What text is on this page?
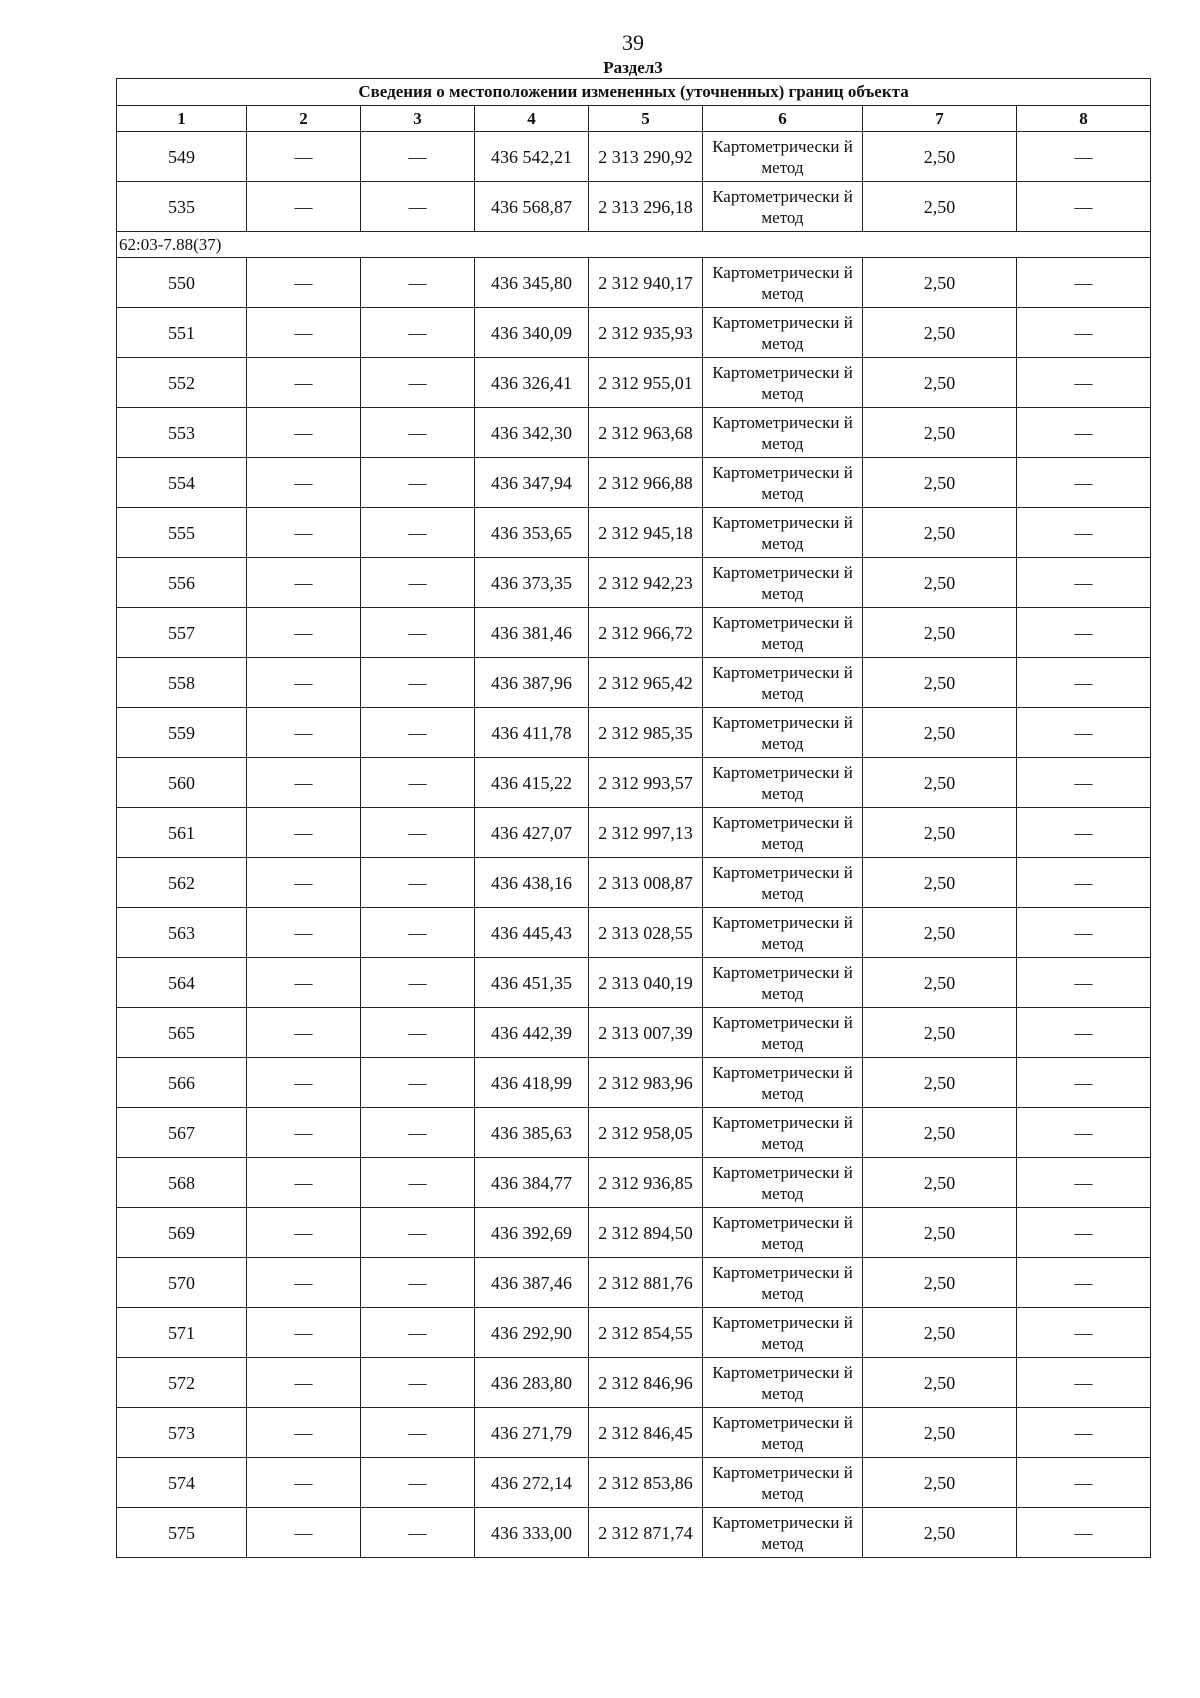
39
Раздел3
Сведения о местоположении измененных (уточненных) границ объекта							
1	2	3	4	5	6	7	8
549	—	—	436 542,21	2 313 290,92	Картометрически й метод	2,50	—
535	—	—	436 568,87	2 313 296,18	Картометрически й метод	2,50	—
62:03-7.88(37)							
550	—	—	436 345,80	2 312 940,17	Картометрически й метод	2,50	—
551	—	—	436 340,09	2 312 935,93	Картометрически й метод	2,50	—
552	—	—	436 326,41	2 312 955,01	Картометрически й метод	2,50	—
553	—	—	436 342,30	2 312 963,68	Картометрически й метод	2,50	—
554	—	—	436 347,94	2 312 966,88	Картометрически й метод	2,50	—
555	—	—	436 353,65	2 312 945,18	Картометрически й метод	2,50	—
556	—	—	436 373,35	2 312 942,23	Картометрически й метод	2,50	—
557	—	—	436 381,46	2 312 966,72	Картометрически й метод	2,50	—
558	—	—	436 387,96	2 312 965,42	Картометрически й метод	2,50	—
559	—	—	436 411,78	2 312 985,35	Картометрически й метод	2,50	—
560	—	—	436 415,22	2 312 993,57	Картометрически й метод	2,50	—
561	—	—	436 427,07	2 312 997,13	Картометрически й метод	2,50	—
562	—	—	436 438,16	2 313 008,87	Картометрически й метод	2,50	—
563	—	—	436 445,43	2 313 028,55	Картометрически й метод	2,50	—
564	—	—	436 451,35	2 313 040,19	Картометрически й метод	2,50	—
565	—	—	436 442,39	2 313 007,39	Картометрически й метод	2,50	—
566	—	—	436 418,99	2 312 983,96	Картометрически й метод	2,50	—
567	—	—	436 385,63	2 312 958,05	Картометрически й метод	2,50	—
568	—	—	436 384,77	2 312 936,85	Картометрически й метод	2,50	—
569	—	—	436 392,69	2 312 894,50	Картометрически й метод	2,50	—
570	—	—	436 387,46	2 312 881,76	Картометрически й метод	2,50	—
571	—	—	436 292,90	2 312 854,55	Картометрически й метод	2,50	—
572	—	—	436 283,80	2 312 846,96	Картометрически й метод	2,50	—
573	—	—	436 271,79	2 312 846,45	Картометрически й метод	2,50	—
574	—	—	436 272,14	2 312 853,86	Картометрически й метод	2,50	—
575	—	—	436 333,00	2 312 871,74	Картометрически й метод	2,50	—
